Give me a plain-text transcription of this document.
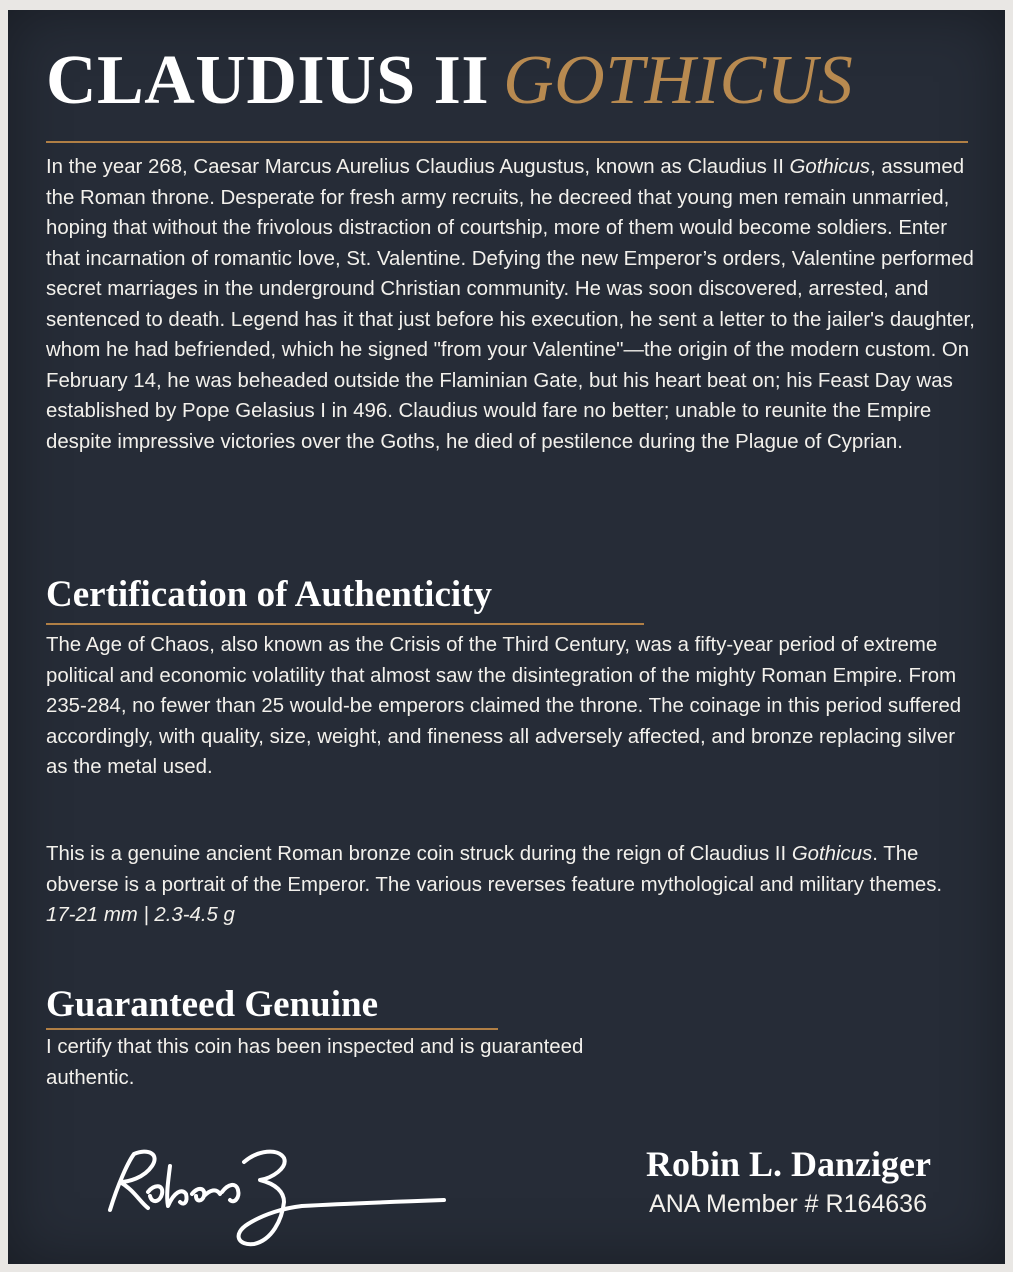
CLAUDIUS II GOTHICUS

In the year 268, Caesar Marcus Aurelius Claudius Augustus, known as Claudius II Gothicus, assumed the Roman throne. Desperate for fresh army recruits, he decreed that young men remain unmarried, hoping that without the frivolous distraction of courtship, more of them would become soldiers. Enter that incarnation of romantic love, St. Valentine. Defying the new Emperor’s orders, Valentine performed secret marriages in the underground Christian community. He was soon discovered, arrested, and sentenced to death. Legend has it that just before his execution, he sent a letter to the jailer's daughter, whom he had befriended, which he signed "from your Valentine"—the origin of the modern custom. On February 14, he was beheaded outside the Flaminian Gate, but his heart beat on; his Feast Day was established by Pope Gelasius I in 496. Claudius would fare no better; unable to reunite the Empire despite impressive victories over the Goths, he died of pestilence during the Plague of Cyprian.

Certification of Authenticity

The Age of Chaos, also known as the Crisis of the Third Century, was a fifty-year period of extreme political and economic volatility that almost saw the disintegration of the mighty Roman Empire. From 235-284, no fewer than 25 would-be emperors claimed the throne. The coinage in this period suffered accordingly, with quality, size, weight, and fineness all adversely affected, and bronze replacing silver as the metal used.

This is a genuine ancient Roman bronze coin struck during the reign of Claudius II Gothicus. The obverse is a portrait of the Emperor. The various reverses feature mythological and military themes. 17-21 mm | 2.3-4.5 g

Guaranteed Genuine

I certify that this coin has been inspected and is guaranteed authentic.

Robin L. Danziger
ANA Member # R164636
